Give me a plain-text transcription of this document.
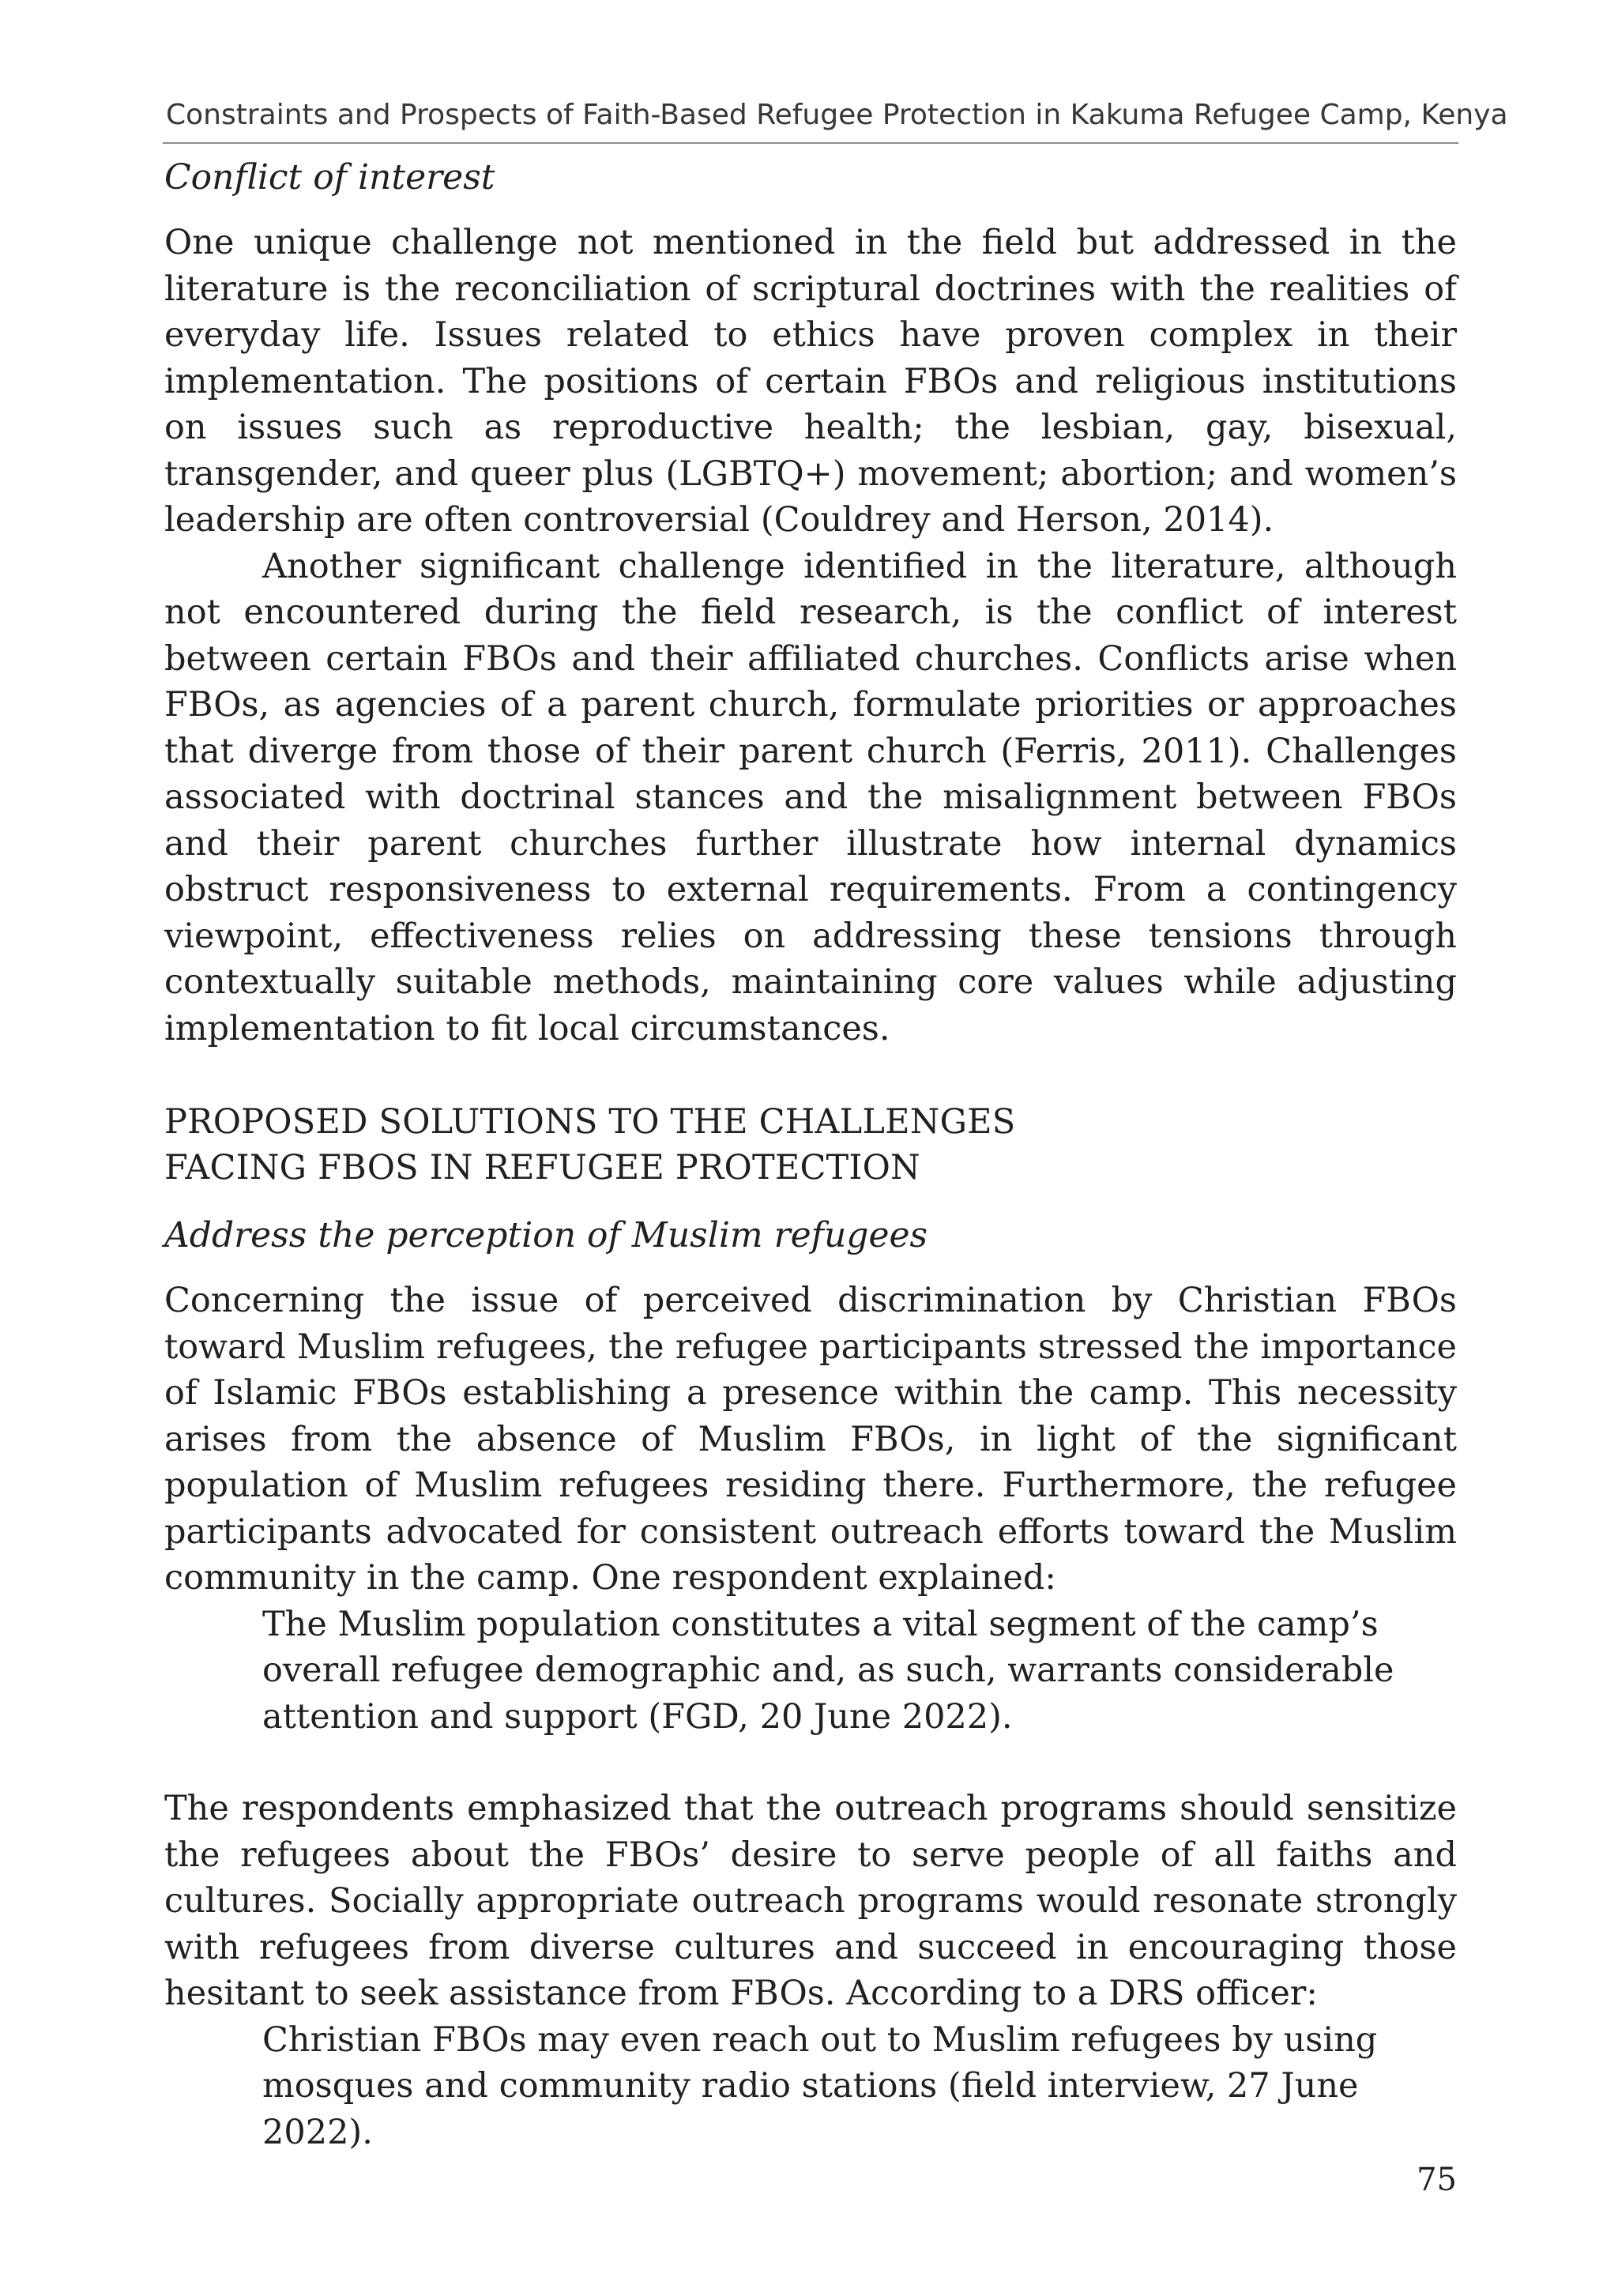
Constraints and Prospects of Faith-Based Refugee Protection in Kakuma Refugee Camp, Kenya
Conflict of interest

One unique challenge not mentioned in the field but addressed in the literature is the reconciliation of scriptural doctrines with the realities of everyday life. Issues related to ethics have proven complex in their implementation. The positions of certain FBOs and religious institutions on issues such as reproductive health; the lesbian, gay, bisexual, transgender, and queer plus (LGBTQ+) movement; abortion; and women’s leadership are often controversial (Couldrey and Herson, 2014).

Another significant challenge identified in the literature, although not encountered during the field research, is the conflict of interest between certain FBOs and their affiliated churches. Conflicts arise when FBOs, as agencies of a parent church, formulate priorities or approaches that diverge from those of their parent church (Ferris, 2011). Challenges associated with doctrinal stances and the misalignment between FBOs and their parent churches further illustrate how internal dynamics obstruct responsiveness to external requirements. From a contingency viewpoint, effectiveness relies on addressing these tensions through contextually suitable methods, maintaining core values while adjusting implementation to fit local circumstances.

PROPOSED SOLUTIONS TO THE CHALLENGES
FACING FBOS IN REFUGEE PROTECTION
Address the perception of Muslim refugees

Concerning the issue of perceived discrimination by Christian FBOs toward Muslim refugees, the refugee participants stressed the importance of Islamic FBOs establishing a presence within the camp. This necessity arises from the absence of Muslim FBOs, in light of the significant population of Muslim refugees residing there. Furthermore, the refugee participants advocated for consistent outreach efforts toward the Muslim community in the camp. One respondent explained:

The Muslim population constitutes a vital segment of the camp’s overall refugee demographic and, as such, warrants considerable attention and support (FGD, 20 June 2022).

The respondents emphasized that the outreach programs should sensitize the refugees about the FBOs’ desire to serve people of all faiths and cultures. Socially appropriate outreach programs would resonate strongly with refugees from diverse cultures and succeed in encouraging those hesitant to seek assistance from FBOs. According to a DRS officer:

Christian FBOs may even reach out to Muslim refugees by using mosques and community radio stations (field interview, 27 June 2022).

75
